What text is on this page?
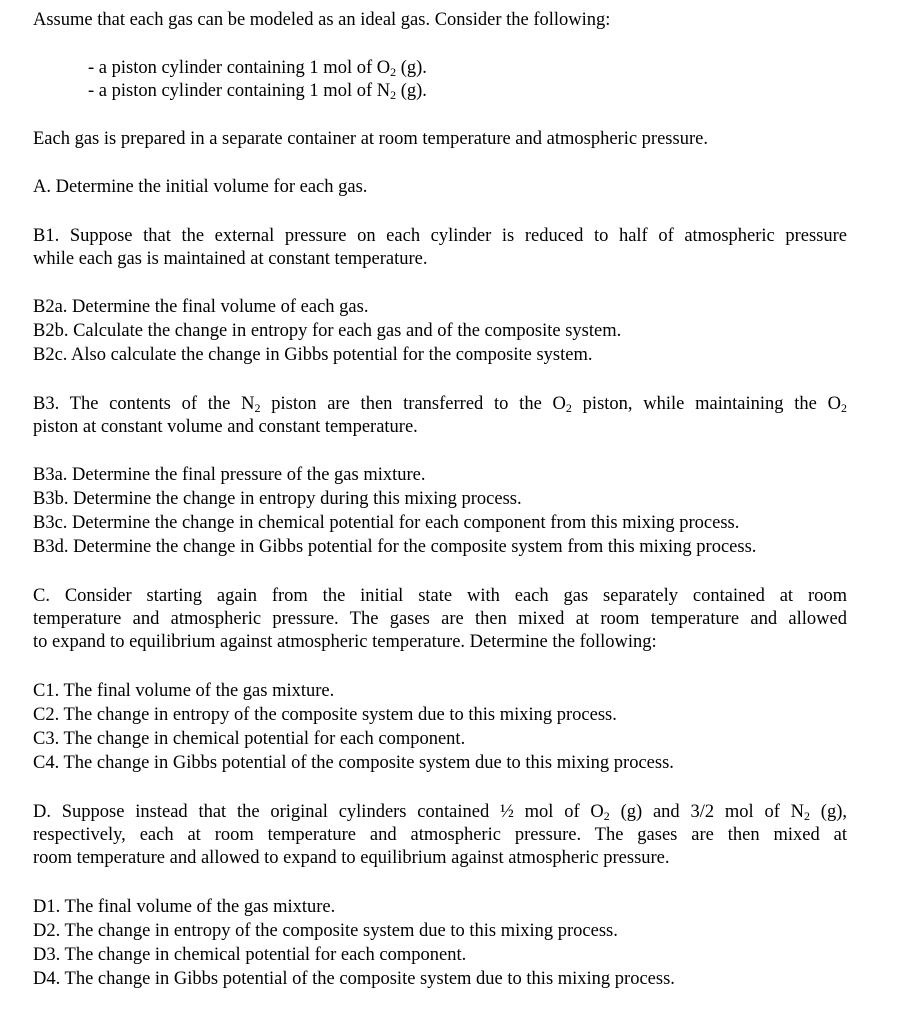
Assume that each gas can be modeled as an ideal gas. Consider the following:
- a piston cylinder containing 1 mol of $O_2$ (g).
- a piston cylinder containing 1 mol of $N_2$ (g).
Each gas is prepared in a separate container at room temperature and atmospheric pressure.
A. Determine the initial volume for each gas.
B1. Suppose that the external pressure on each cylinder is reduced to half of atmospheric pressure
while each gas is maintained at constant temperature.
B2a. Determine the final volume of each gas.
B2b. Calculate the change in entropy for each gas and of the composite system.
B2c. Also calculate the change in Gibbs potential for the composite system.
B3. The contents of the $N_2$ piston are then transferred to the $O_2$ piston, while maintaining the $O_2$
piston at constant volume and constant temperature.
B3a. Determine the final pressure of the gas mixture.
B3b. Determine the change in entropy during this mixing process.
B3c. Determine the change in chemical potential for each component from this mixing process.
B3d. Determine the change in Gibbs potential for the composite system from this mixing process.
C. Consider starting again from the initial state with each gas separately contained at room
temperature and atmospheric pressure. The gases are then mixed at room temperature and allowed
to expand to equilibrium against atmospheric temperature. Determine the following:
C1. The final volume of the gas mixture.
C2. The change in entropy of the composite system due to this mixing process.
C3. The change in chemical potential for each component.
C4. The change in Gibbs potential of the composite system due to this mixing process.
D. Suppose instead that the original cylinders contained ½ mol of $O_2$ (g) and 3/2 mol of $N_2$ (g),
respectively, each at room temperature and atmospheric pressure. The gases are then mixed at
room temperature and allowed to expand to equilibrium against atmospheric pressure.
D1. The final volume of the gas mixture.
D2. The change in entropy of the composite system due to this mixing process.
D3. The change in chemical potential for each component.
D4. The change in Gibbs potential of the composite system due to this mixing process.
